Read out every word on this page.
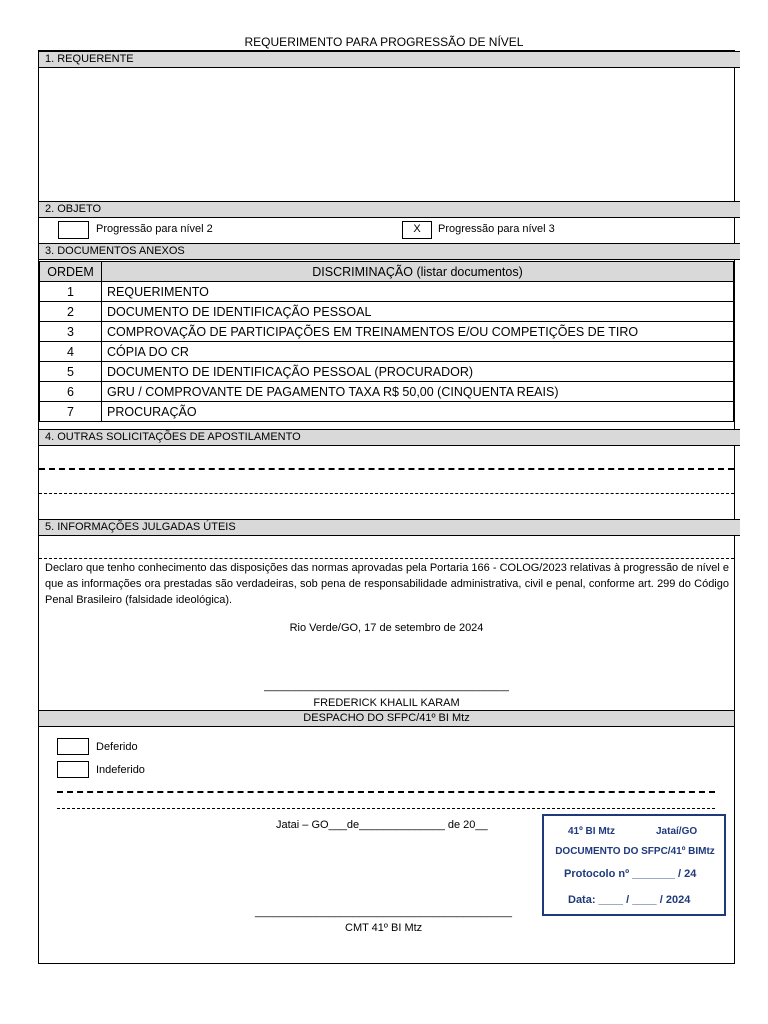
REQUERIMENTO PARA PROGRESSÃO DE NÍVEL
1. REQUERENTE
2. OBJETO
Progressão para nível 2	X	Progressão para nível 3
3. DOCUMENTOS ANEXOS
ORDEM	DISCRIMINAÇÃO (listar documentos)
1	REQUERIMENTO
2	DOCUMENTO DE IDENTIFICAÇÃO PESSOAL
3	COMPROVAÇÃO DE PARTICIPAÇÕES EM TREINAMENTOS E/OU COMPETIÇÕES DE TIRO
4	CÓPIA DO CR
5	DOCUMENTO DE IDENTIFICAÇÃO PESSOAL (PROCURADOR)
6	GRU / COMPROVANTE DE PAGAMENTO TAXA R$ 50,00 (CINQUENTA REAIS)
7	PROCURAÇÃO
4. OUTRAS SOLICITAÇÕES DE APOSTILAMENTO
5. INFORMAÇÕES JULGADAS ÚTEIS
Declaro que tenho conhecimento das disposições das normas aprovadas pela Portaria 166 - COLOG/2023 relativas à progressão de nível e que as informações ora prestadas são verdadeiras, sob pena de responsabilidade administrativa, civil e penal, conforme art. 299 do Código Penal Brasileiro (falsidade ideológica).
Rio Verde/GO, 17 de setembro de 2024
________________________________________
FREDERICK KHALIL KARAM
DESPACHO DO SFPC/41º BI Mtz
Deferido
Indeferido
Jatai – GO___de______________ de 20__
__________________________________________
CMT 41º BI Mtz
41º BI Mtz	Jataí/GO
DOCUMENTO DO SFPC/41º BIMtz
Protocolo nº _______ / 24
Data: ____ / ____ / 2024
